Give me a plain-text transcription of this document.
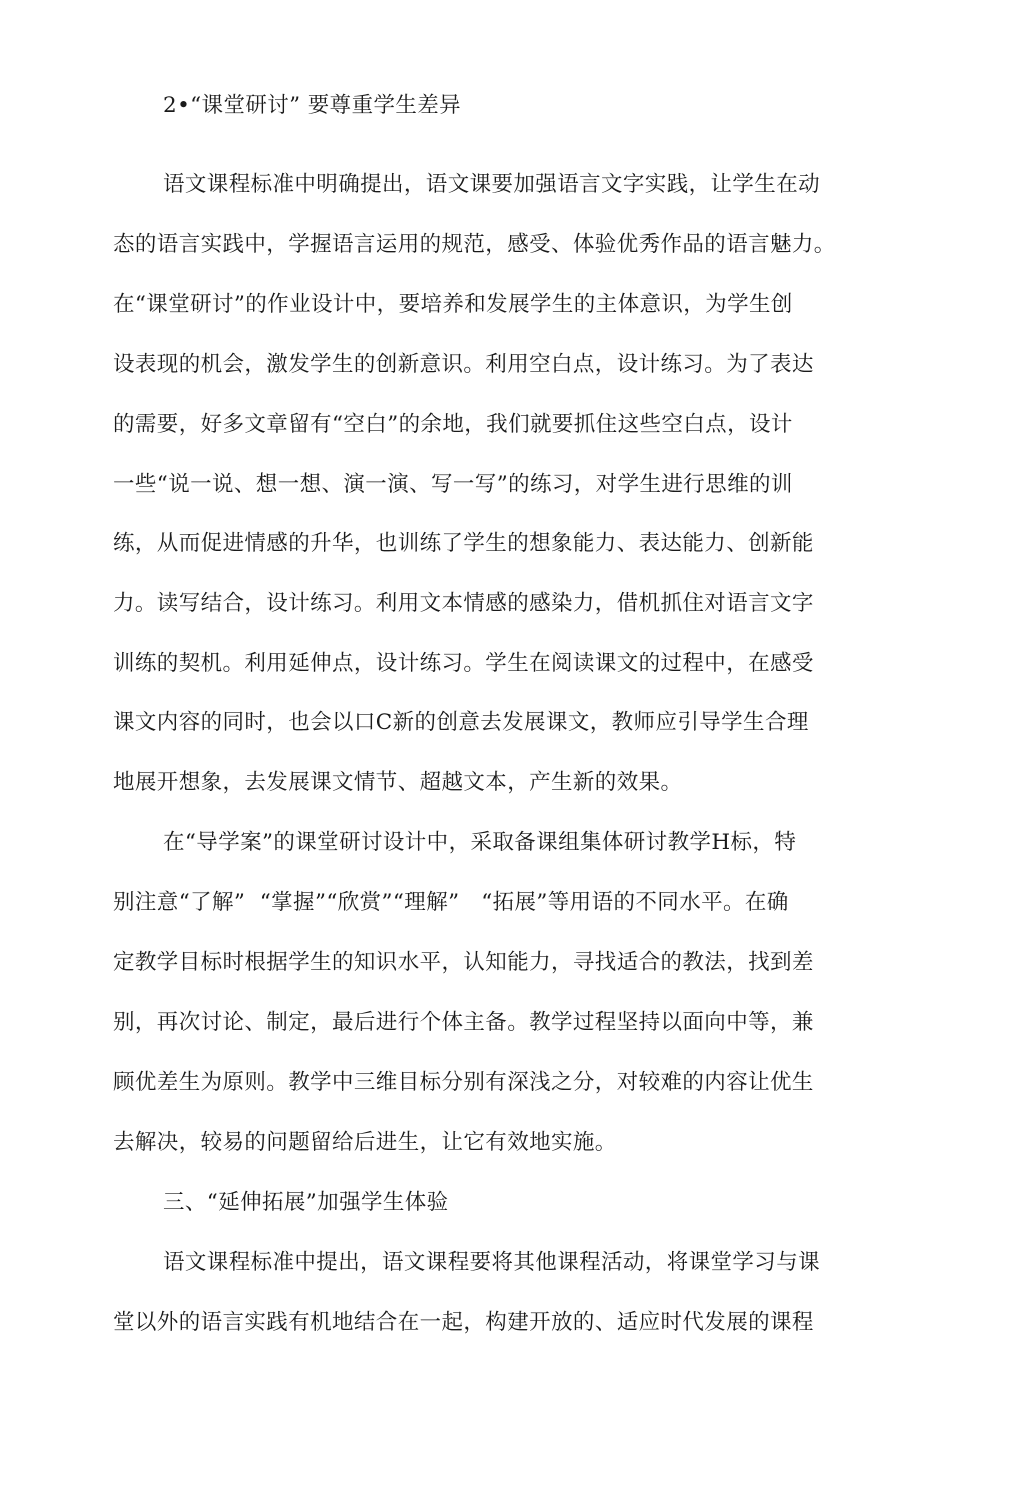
2•“课堂研讨” 要尊重学生差异

语文课程标准中明确提出，语文课要加强语言文字实践，让学生在动

态的语言实践中，学握语言运用的规范，感受、体验优秀作品的语言魅力。

在“课堂研讨”的作业设计中，要培养和发展学生的主体意识，为学生创

设表现的机会，激发学生的创新意识。利用空白点，设计练习。为了表达

的需要，好多文章留有“空白”的余地，我们就要抓住这些空白点，设计

一些“说一说、想一想、演一演、写一写”的练习，对学生进行思维的训

练，从而促进情感的升华，也训练了学生的想象能力、表达能力、创新能

力。读写结合，设计练习。利用文本情感的感染力，借机抓住对语言文字

训练的契机。利用延伸点，设计练习。学生在阅读课文的过程中，在感受

课文内容的同时，也会以口C新的创意去发展课文，教师应引导学生合理

地展开想象，去发展课文情节、超越文本，产生新的效果。

在“导学案”的课堂研讨设计中，采取备课组集体研讨教学H标，特

别注意“了解”  “掌握”“欣赏”“理解”   “拓展”等用语的不同水平。在确

定教学目标时根据学生的知识水平，认知能力，寻找适合的教法，找到差

别，再次讨论、制定，最后进行个体主备。教学过程坚持以面向中等，兼

顾优差生为原则。教学中三维目标分别有深浅之分，对较难的内容让优生

去解决，较易的问题留给后进生，让它有效地实施。

三、“延伸拓展”加强学生体验

语文课程标准中提出，语文课程要将其他课程活动，将课堂学习与课

堂以外的语言实践有机地结合在一起，构建开放的、适应时代发展的课程
